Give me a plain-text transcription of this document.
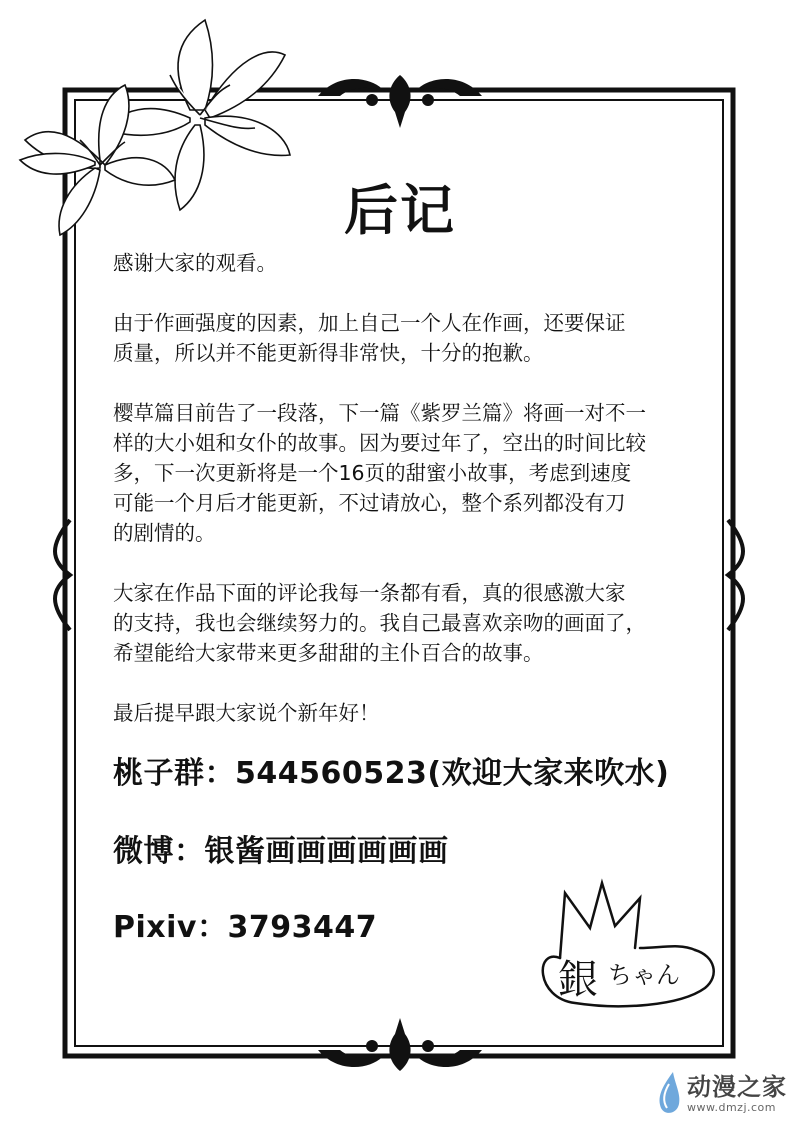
后记

感谢大家的观看。

由于作画强度的因素，加上自己一个人在作画，还要保证
质量，所以并不能更新得非常快，十分的抱歉。

樱草篇目前告了一段落，下一篇《紫罗兰篇》将画一对不一
样的大小姐和女仆的故事。因为要过年了，空出的时间比较
多，下一次更新将是一个16页的甜蜜小故事，考虑到速度
可能一个月后才能更新，不过请放心，整个系列都没有刀
的剧情的。

大家在作品下面的评论我每一条都有看，真的很感激大家
的支持，我也会继续努力的。我自己最喜欢亲吻的画面了，
希望能给大家带来更多甜甜的主仆百合的故事。

最后提早跟大家说个新年好！

桃子群：544560523(欢迎大家来吹水)
微博：银酱画画画画画画
Pixiv：3793447
銀 ちゃん
动漫之家
www.dmzj.com
